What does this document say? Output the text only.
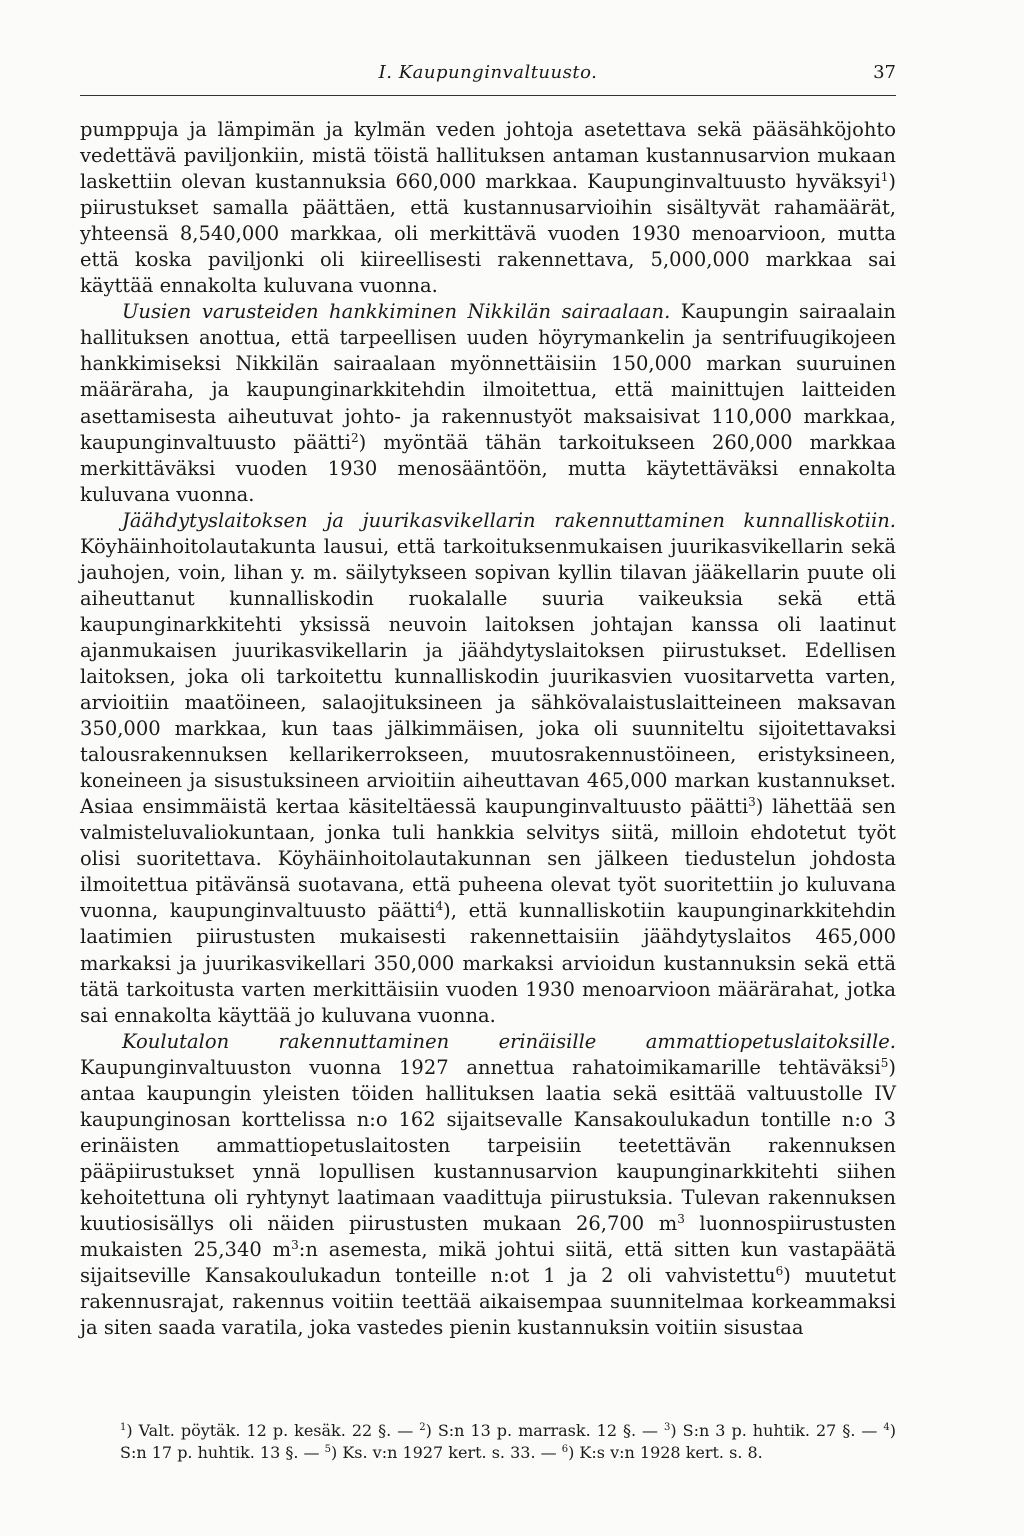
I. Kaupunginvaltuusto.	37

pumppuja ja lämpimän ja kylmän veden johtoja asetettava sekä pääsähköjohto vedettävä paviljonkiin, mistä töistä hallituksen antaman kustannusarvion mukaan laskettiin olevan kustannuksia 660,000 markkaa. Kaupunginvaltuusto hyväksyi$^1$) piirustukset samalla päättäen, että kustannusarvioihin sisältyvät rahamäärät, yhteensä 8,540,000 markkaa, oli merkittävä vuoden 1930 menoarvioon, mutta että koska paviljonki oli kiireellisesti rakennettava, 5,000,000 markkaa sai käyttää ennakolta kuluvana vuonna.

Uusien varusteiden hankkiminen Nikkilän sairaalaan. Kaupungin sairaalain hallituksen anottua, että tarpeellisen uuden höyrymankelin ja sentrifuugikojeen hankkimiseksi Nikkilän sairaalaan myönnettäisiin 150,000 markan suuruinen määräraha, ja kaupunginarkkitehdin ilmoitettua, että mainittujen laitteiden asettamisesta aiheutuvat johto- ja rakennustyöt maksaisivat 110,000 markkaa, kaupunginvaltuusto päätti$^2$) myöntää tähän tarkoitukseen 260,000 markkaa merkittäväksi vuoden 1930 menosääntöön, mutta käytettäväksi ennakolta kuluvana vuonna.

Jäähdytyslaitoksen ja juurikasvikellarin rakennuttaminen kunnalliskotiin. Köyhäinhoitolautakunta lausui, että tarkoituksenmukaisen juurikasvikellarin sekä jauhojen, voin, lihan y. m. säilytykseen sopivan kyllin tilavan jääkellarin puute oli aiheuttanut kunnalliskodin ruokalalle suuria vaikeuksia sekä että kaupunginarkkitehti yksissä neuvoin laitoksen johtajan kanssa oli laatinut ajanmukaisen juurikasvikellarin ja jäähdytyslaitoksen piirustukset. Edellisen laitoksen, joka oli tarkoitettu kunnalliskodin juurikasvien vuositarvetta varten, arvioitiin maatöineen, salaojituksineen ja sähkövalaistuslaitteineen maksavan 350,000 markkaa, kun taas jälkimmäisen, joka oli suunniteltu sijoitettavaksi talousrakennuksen kellarikerrokseen, muutosrakennustöineen, eristyksineen, koneineen ja sisustuksineen arvioitiin aiheuttavan 465,000 markan kustannukset. Asiaa ensimmäistä kertaa käsiteltäessä kaupunginvaltuusto päätti$^3$) lähettää sen valmisteluvaliokuntaan, jonka tuli hankkia selvitys siitä, milloin ehdotetut työt olisi suoritettava. Köyhäinhoitolautakunnan sen jälkeen tiedustelun johdosta ilmoitettua pitävänsä suotavana, että puheena olevat työt suoritettiin jo kuluvana vuonna, kaupunginvaltuusto päätti$^4$), että kunnalliskotiin kaupunginarkkitehdin laatimien piirustusten mukaisesti rakennettaisiin jäähdytyslaitos 465,000 markaksi ja juurikasvikellari 350,000 markaksi arvioidun kustannuksin sekä että tätä tarkoitusta varten merkittäisiin vuoden 1930 menoarvioon määrärahat, jotka sai ennakolta käyttää jo kuluvana vuonna.

Koulutalon rakennuttaminen erinäisille ammattiopetuslaitoksille. Kaupunginvaltuuston vuonna 1927 annettua rahatoimikamarille tehtäväksi$^5$) antaa kaupungin yleisten töiden hallituksen laatia sekä esittää valtuustolle IV kaupunginosan korttelissa n:o 162 sijaitsevalle Kansakoulukadun tontille n:o 3 erinäisten ammattiopetuslaitosten tarpeisiin teetettävän rakennuksen pääpiirustukset ynnä lopullisen kustannusarvion kaupunginarkkitehti siihen kehoitettuna oli ryhtynyt laatimaan vaadittuja piirustuksia. Tulevan rakennuksen kuutiosisällys oli näiden piirustusten mukaan 26,700 $m^3$ luonnospiirustusten mukaisten 25,340 $m^3:n$ asemesta, mikä johtui siitä, että sitten kun vastapäätä sijaitseville Kansakoulukadun tonteille n:ot 1 ja 2 oli vahvistettu$^6$) muutetut rakennusrajat, rakennus voitiin teettää aikaisempaa suunnitelmaa korkeammaksi ja siten saada varatila, joka vastedes pienin kustannuksin voitiin sisustaa

$^1$) Valt. pöytäk. 12 p. kesäk. 22 §. — $^2$) S:n 13 p. marrask. 12 §. — $^3$) S:n 3 p. huhtik. 27 §. — $^4$) S:n 17 p. huhtik. 13 §. — $^5$) Ks. v:n 1927 kert. s. 33. — $^6$) K:s v:n 1928 kert. s. 8.
